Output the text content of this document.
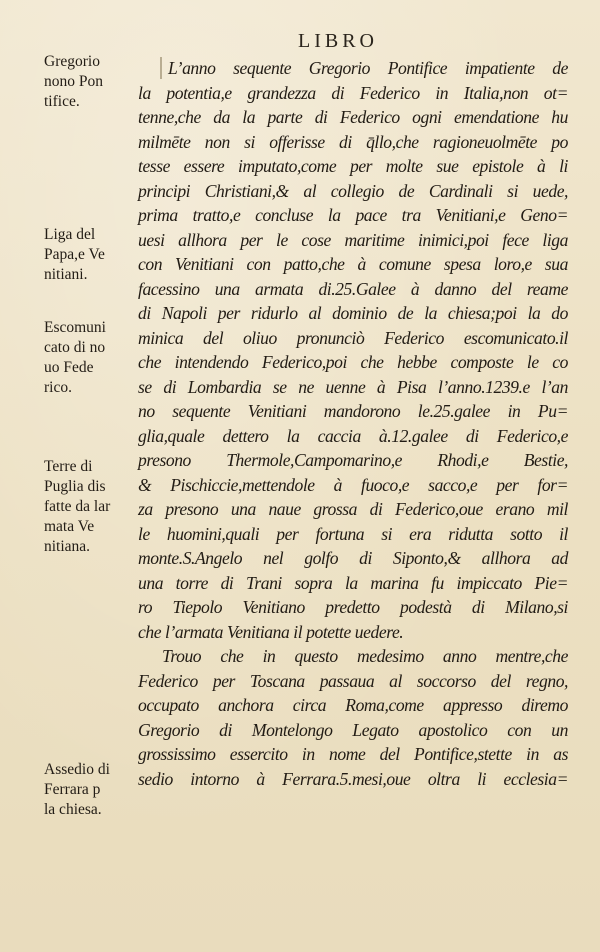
LIBRO
Gregorio
nono Pon
tifice.
Liga del
Papa,e Ve
nitiani.
Escomuni
cato di no
uo Fede
rico.
Terre di
Puglia dis
fatte da lar
mata Ve
nitiana.
Assedio di
Ferrara p
la chiesa.
L’anno sequente Gregorio Pontifice impatiente de
la potentia,e grandezza di Federico in Italia,non ot=
tenne,che da la parte di Federico ogni emendatione hu
milmēte non si offerisse di q̄llo,che ragioneuolmēte po
tesse essere imputato,come per molte sue epistole à li
principi Christiani,& al collegio de Cardinali si uede,
prima tratto,e concluse la pace tra Venitiani,e Geno=
uesi allhora per le cose maritime inimici,poi fece liga
con Venitiani con patto,che à comune spesa loro,e sua
facessino una armata di.25.Galee à danno del reame
di Napoli per ridurlo al dominio de la chiesa;poi la do
minica del oliuo pronunciò Federico escomunicato.il
che intendendo Federico,poi che hebbe composte le co
se di Lombardia se ne uenne à Pisa l’anno.1239.e l’an
no sequente Venitiani mandorono le.25.galee in Pu=
glia,quale dettero la caccia à.12.galee di Federico,e
presono Thermole,Campomarino,e Rhodi,e Bestie,
& Pischiccie,mettendole à fuoco,e sacco,e per for=
za presono una naue grossa di Federico,oue erano mil
le huomini,quali per fortuna si era ridutta sotto il
monte.S.Angelo nel golfo di Siponto,& allhora ad
una torre di Trani sopra la marina fu impiccato Pie=
ro Tiepolo Venitiano predetto podestà di Milano,si
che l’armata Venitiana il potette uedere.
Trouo che in questo medesimo anno mentre,che
Federico per Toscana passaua al soccorso del regno,
occupato anchora circa Roma,come appresso diremo
Gregorio di Montelongo Legato apostolico con un
grossissimo essercito in nome del Pontifice,stette in as
sedio intorno à Ferrara.5.mesi,oue oltra li ecclesia=
